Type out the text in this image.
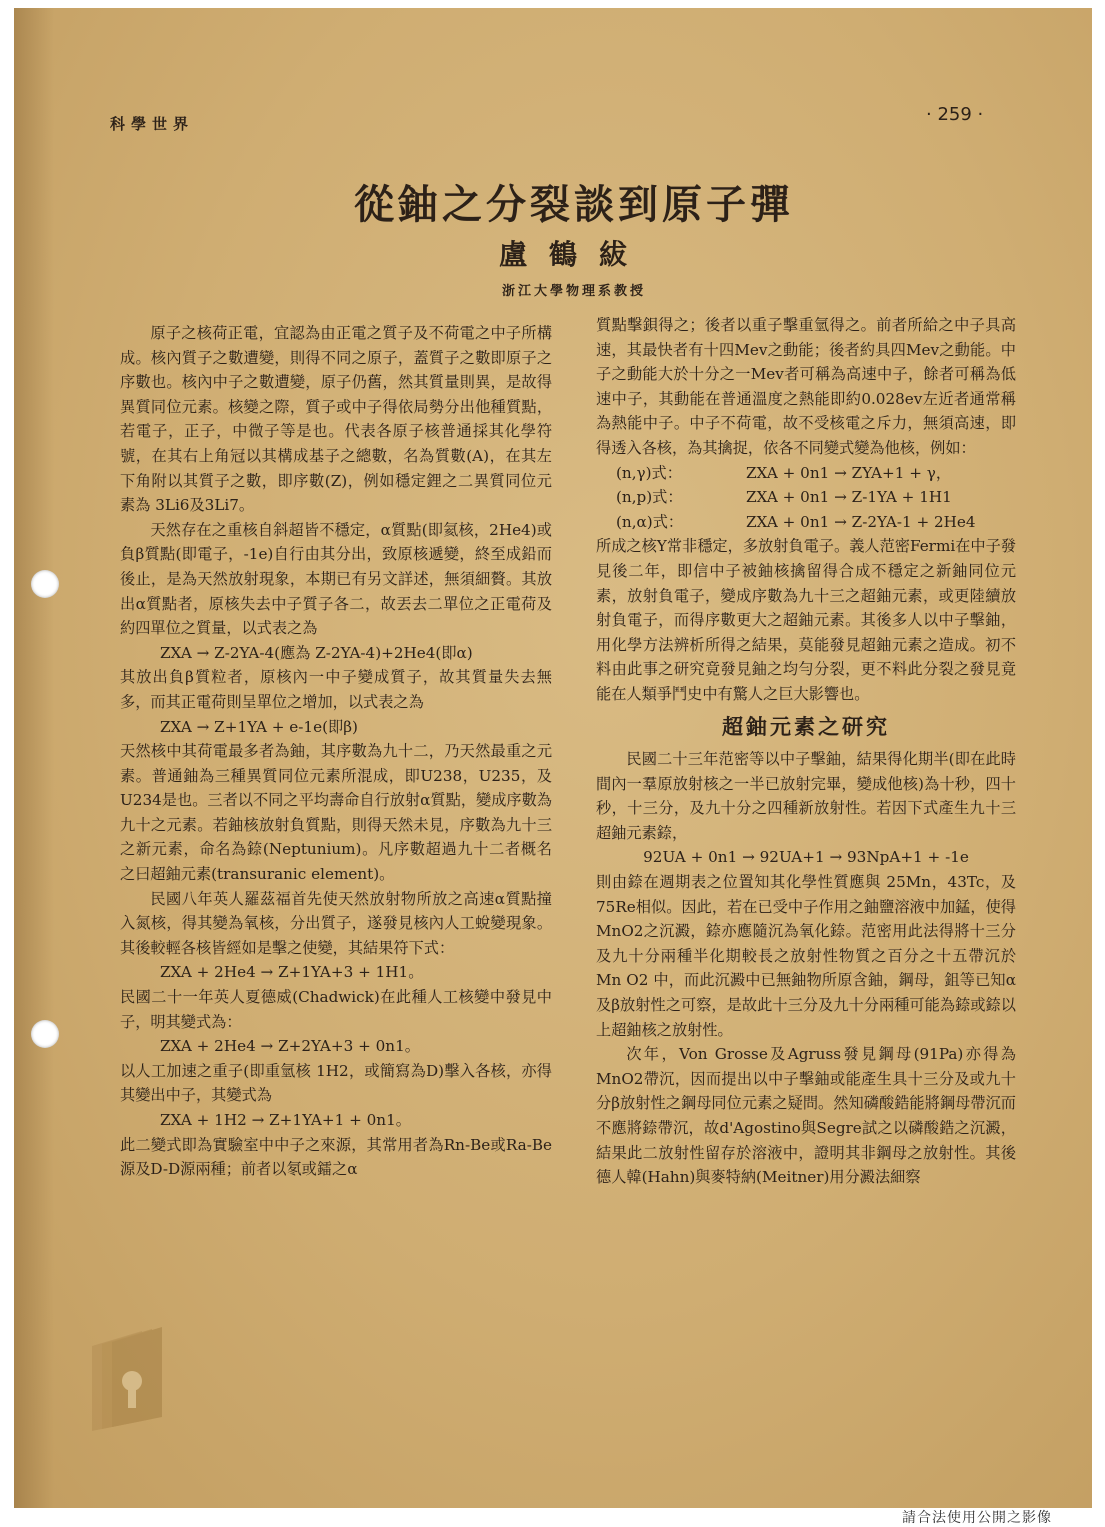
科學世界	· 259 ·
從鈾之分裂談到原子彈
盧鶴紱
浙江大學物理系教授

原子之核荷正電，宜認為由正電之質子及不荷電之中子所構成。核內質子之數遭變，則得不同之原子，蓋質子之數即原子之序數也。核內中子之數遭變，原子仍舊，然其質量則異，是故得異質同位元素。核變之際，質子或中子得依局勢分出他種質點，若電子，正子，中微子等是也。代表各原子核普通採其化學符號，在其右上角冠以其構成基子之總數，名為質數(A)，在其左下角附以其質子之數，即序數(Z)，例如穩定鋰之二異質同位元素為 3Li6及3Li7。

天然存在之重核自斜超皆不穩定，α質點(即氦核，2He4)或負β質點(即電子，-1e)自行由其分出，致原核遞變，終至成鉛而後止，是為天然放射現象，本期已有另文詳述，無須細贅。其放出α質點者，原核失去中子質子各二，故丟去二單位之正電荷及約四單位之質量，以式表之為

ZXA → Z-2YA-4(應為 Z-2YA-4)+2He4(即α)

其放出負β質粒者，原核內一中子變成質子，故其質量失去無多，而其正電荷則呈單位之增加，以式表之為

ZXA → Z+1YA + e-1e(即β)

天然核中其荷電最多者為鈾，其序數為九十二，乃天然最重之元素。普通鈾為三種異質同位元素所混成，即U238，U235，及U234是也。三者以不同之平均壽命自行放射α質點，變成序數為九十之元素。若鈾核放射負質點，則得天然未見，序數為九十三之新元素，命名為錼(Neptunium)。凡序數超過九十二者概名之曰超鈾元素(transuranic element)。

民國八年英人羅茲福首先使天然放射物所放之高速α質點撞入氮核，得其變為氧核，分出質子，遂發見核內人工蛻變現象。其後較輕各核皆經如是擊之使變，其結果符下式：

ZXA + 2He4 → Z+1YA+3 + 1H1。

民國二十一年英人夏德威(Chadwick)在此種人工核變中發見中子，明其變式為：

ZXA + 2He4 → Z+2YA+3 + 0n1。

以人工加速之重子(即重氫核 1H2，或簡寫為D)擊入各核，亦得其變出中子，其變式為

ZXA + 1H2 → Z+1YA+1 + 0n1。

此二變式即為實驗室中中子之來源，其常用者為Rn-Be或Ra-Be源及D-D源兩種；前者以氡或鐳之α

質點擊鋇得之；後者以重子擊重氫得之。前者所給之中子具高速，其最快者有十四Mev之動能；後者約具四Mev之動能。中子之動能大於十分之一Mev者可稱為高速中子，餘者可稱為低速中子，其動能在普通溫度之熱能即約0.028ev左近者通常稱為熱能中子。中子不荷電，故不受核電之斥力，無須高速，即得透入各核，為其擒捉，依各不同變式變為他核，例如：

(n,γ)式：	ZXA + 0n1 → ZYA+1 + γ，
(n,p)式：	ZXA + 0n1 → Z-1YA + 1H1
(n,α)式：	ZXA + 0n1 → Z-2YA-1 + 2He4

所成之核Y常非穩定，多放射負電子。義人范密Fermi在中子發見後二年，即信中子被鈾核擒留得合成不穩定之新鈾同位元素，放射負電子，變成序數為九十三之超鈾元素，或更陸續放射負電子，而得序數更大之超鈾元素。其後多人以中子擊鈾，用化學方法辨析所得之結果，莫能發見超鈾元素之造成。初不料由此事之研究竟發見鈾之均勻分裂，更不料此分裂之發見竟能在人類爭鬥史中有驚人之巨大影響也。

超鈾元素之研究

民國二十三年范密等以中子擊鈾，結果得化期半(即在此時間內一羣原放射核之一半已放射完畢，變成他核)為十秒，四十秒，十三分，及九十分之四種新放射性。若因下式產生九十三超鈾元素錼，

92UA + 0n1 → 92UA+1 → 93NpA+1 + -1e

則由錼在週期表之位置知其化學性質應與 25Mn，43Tc，及75Re相似。因此，若在已受中子作用之鈾鹽溶液中加錳，使得MnO2之沉澱，錼亦應隨沉為氧化錼。范密用此法得將十三分及九十分兩種半化期較長之放射性物質之百分之十五帶沉於 Mn O2 中，而此沉澱中已無鈾物所原含鈾，鋼母，鉏等已知α及β放射性之可察，是故此十三分及九十分兩種可能為錼或錼以上超鈾核之放射性。

次年，Von Grosse及Agruss發見鋼母(91Pa)亦得為MnO2帶沉，因而提出以中子擊鈾或能產生具十三分及或九十分β放射性之鋼母同位元素之疑問。然知磷酸鋯能將鋼母帶沉而不應將錼帶沉，故d'Agostino與Segre試之以磷酸鋯之沉澱，結果此二放射性留存於溶液中，證明其非鋼母之放射性。其後德人韓(Hahn)與麥特納(Meitner)用分澱法細察

請合法使用公開之影像
